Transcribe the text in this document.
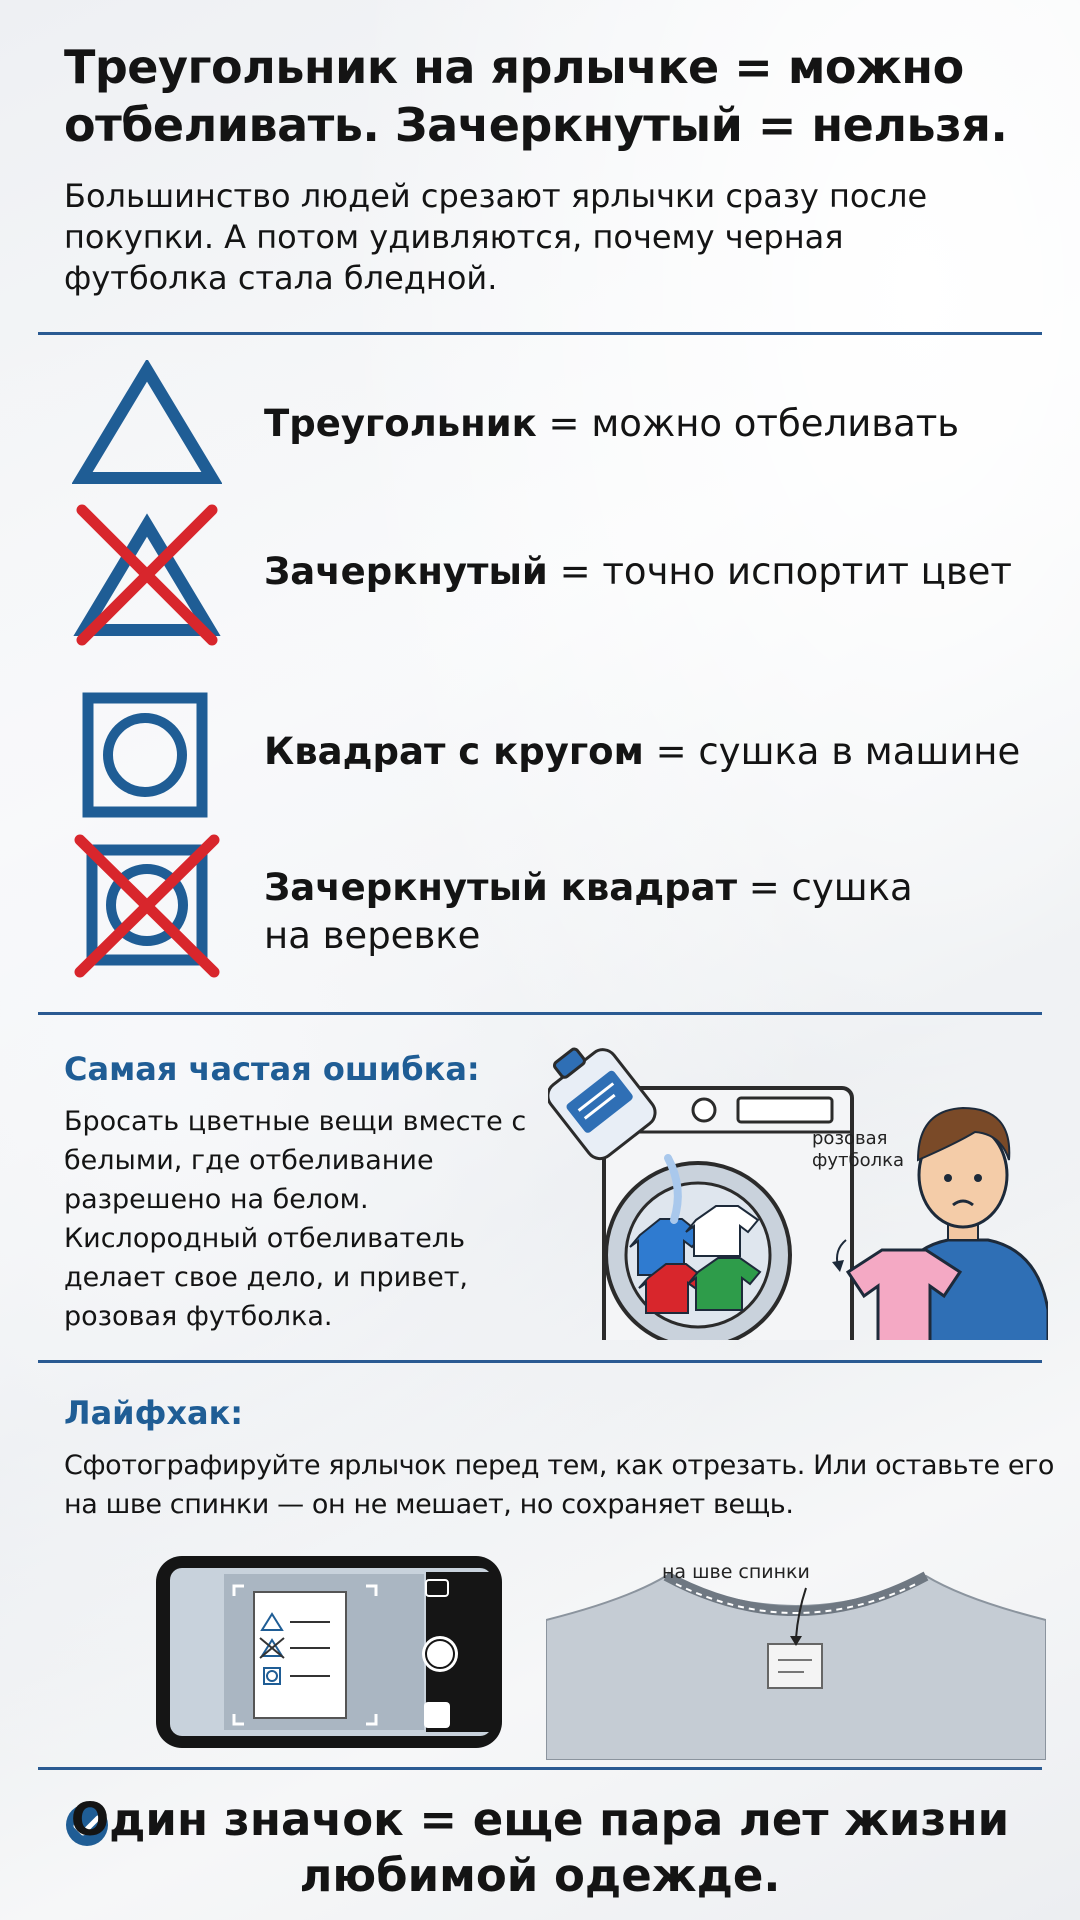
Треугольник на ярлычке = можно отбеливать. Зачеркнутый = нельзя.

Большинство людей срезают ярлычки сразу после покупки. А потом удивляются, почему черная футболка стала бледной.

Треугольник = можно отбеливать
Зачеркнутый = точно испортит цвет
Квадрат с кругом = сушка в машине
Зачеркнутый квадрат = сушка на веревке
Самая частая ошибка:

Бросать цветные вещи вместе с белыми, где отбеливание разрешено на белом. Кислородный отбеливатель делает свое дело, и привет, розовая футболка.

розовая
футболка
Лайфхак:

Сфотографируйте ярлычок перед тем, как отрезать. Или оставьте его на шве спинки — он не мешает, но сохраняет вещь.

на шве спинки
Один значок = еще пара лет жизни любимой одежде.
